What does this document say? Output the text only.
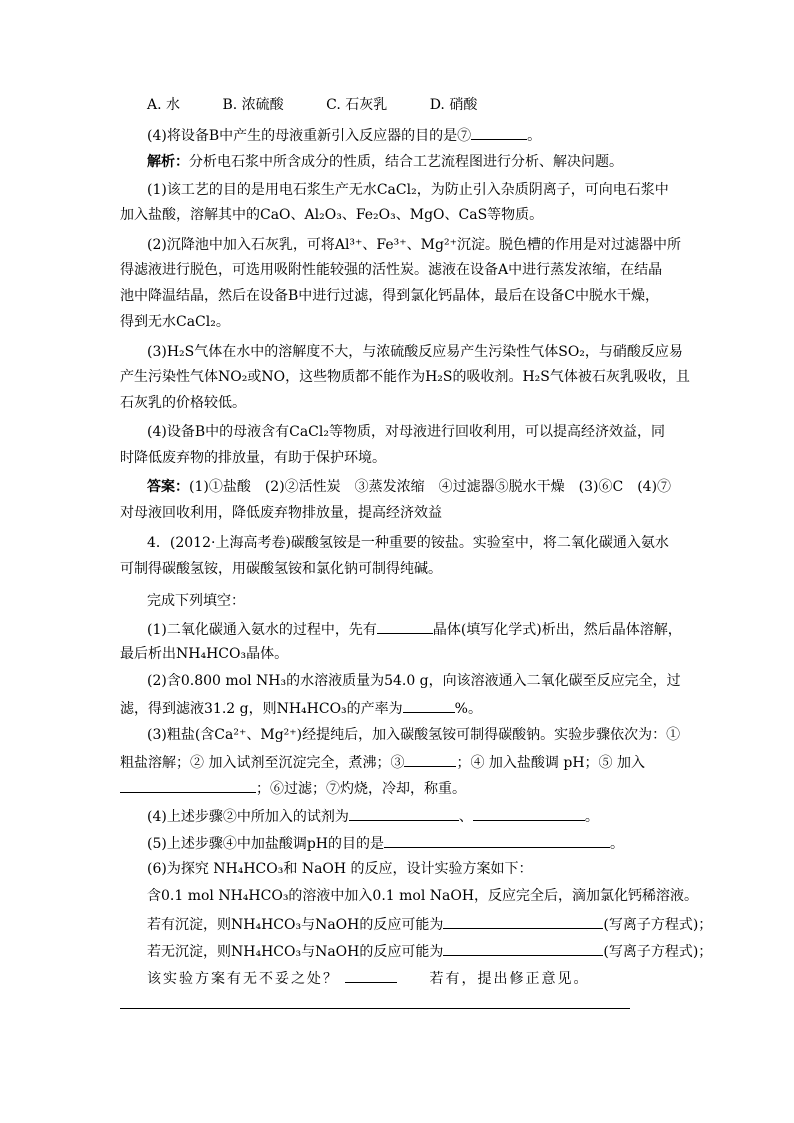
A. 水	B. 浓硫酸	C. 石灰乳	D. 硝酸
(4)将设备B中产生的母液重新引入反应器的目的是⑦	。
解析：分析电石浆中所含成分的性质，结合工艺流程图进行分析、解决问题。
(1)该工艺的目的是用电石浆生产无水CaCl₂，为防止引入杂质阴离子，可向电石浆中
加入盐酸，溶解其中的CaO、Al₂O₃、Fe₂O₃、MgO、CaS等物质。
(2)沉降池中加入石灰乳，可将Al³⁺、Fe³⁺、Mg²⁺沉淀。脱色槽的作用是对过滤器中所
得滤液进行脱色，可选用吸附性能较强的活性炭。滤液在设备A中进行蒸发浓缩，在结晶
池中降温结晶，然后在设备B中进行过滤，得到氯化钙晶体，最后在设备C中脱水干燥，
得到无水CaCl₂。
(3)H₂S气体在水中的溶解度不大，与浓硫酸反应易产生污染性气体SO₂，与硝酸反应易
产生污染性气体NO₂或NO，这些物质都不能作为H₂S的吸收剂。H₂S气体被石灰乳吸收，且
石灰乳的价格较低。
(4)设备B中的母液含有CaCl₂等物质，对母液进行回收利用，可以提高经济效益，同
时降低废弃物的排放量，有助于保护环境。
答案：(1)①盐酸　(2)②活性炭　③蒸发浓缩　④过滤器⑤脱水干燥　(3)⑥C　(4)⑦
对母液回收利用，降低废弃物排放量，提高经济效益
4．(2012·上海高考卷)碳酸氢铵是一种重要的铵盐。实验室中，将二氧化碳通入氨水
可制得碳酸氢铵，用碳酸氢铵和氯化钠可制得纯碱。
完成下列填空：
(1)二氧化碳通入氨水的过程中，先有	晶体(填写化学式)析出，然后晶体溶解，
最后析出NH₄HCO₃晶体。
(2)含0.800 mol NH₃的水溶液质量为54.0 g，向该溶液通入二氧化碳至反应完全，过
滤，得到滤液31.2 g，则NH₄HCO₃的产率为	%。
(3)粗盐(含Ca²⁺、Mg²⁺)经提纯后，加入碳酸氢铵可制得碳酸钠。实验步骤依次为：①
粗盐溶解；② 加入试剂至沉淀完全，煮沸；③	；④ 加入盐酸调 pH；⑤ 加入
；⑥过滤；⑦灼烧，冷却，称重。
(4)上述步骤②中所加入的试剂为	、	。
(5)上述步骤④中加盐酸调pH的目的是	。
(6)为探究 NH₄HCO₃和 NaOH 的反应，设计实验方案如下：
含0.1 mol NH₄HCO₃的溶液中加入0.1 mol NaOH，反应完全后，滴加氯化钙稀溶液。
若有沉淀，则NH₄HCO₃与NaOH的反应可能为	(写离子方程式)；
若无沉淀，则NH₄HCO₃与NaOH的反应可能为	(写离子方程式)；
该实验方案有无不妥之处？ 　　	若有，提出修正意见。
